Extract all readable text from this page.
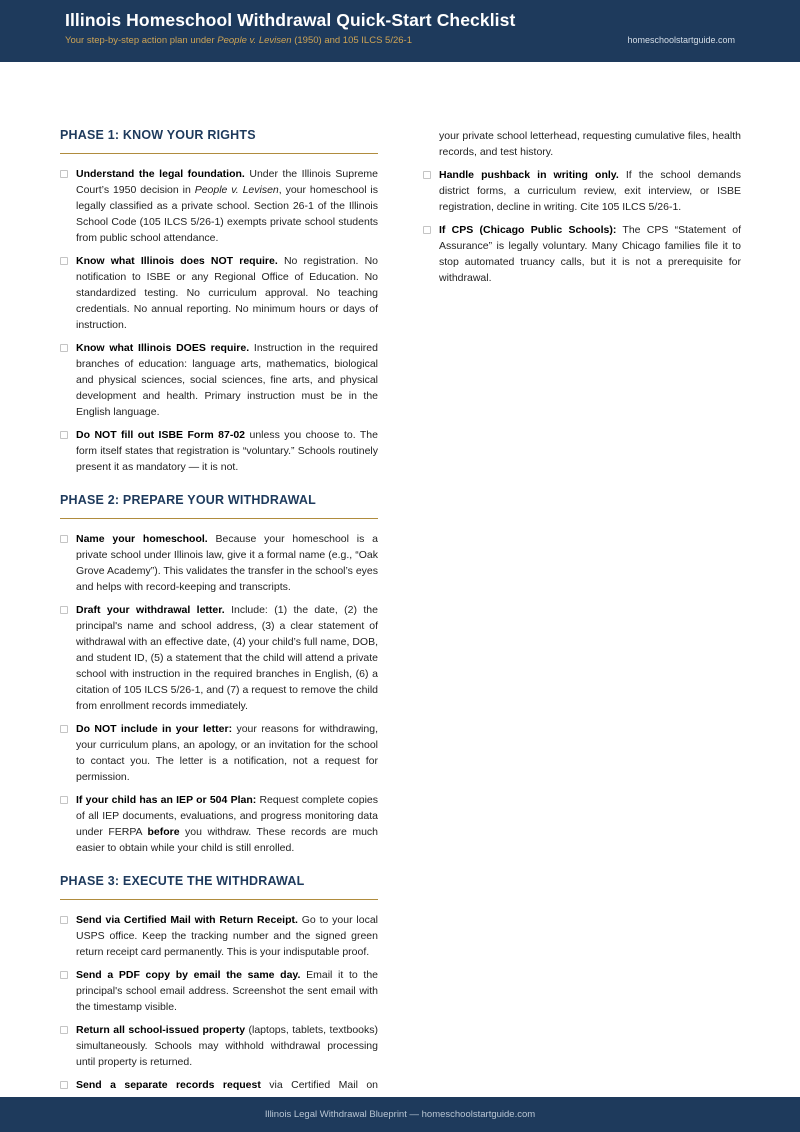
Illinois Homeschool Withdrawal Quick-Start Checklist
Your step-by-step action plan under People v. Levisen (1950) and 105 ILCS 5/26-1	homeschoolstartguide.com
PHASE 1: KNOW YOUR RIGHTS
Understand the legal foundation. Under the Illinois Supreme Court’s 1950 decision in People v. Levisen, your homeschool is legally classified as a private school. Section 26-1 of the Illinois School Code (105 ILCS 5/26-1) exempts private school students from public school attendance.
Know what Illinois does NOT require. No registration. No notification to ISBE or any Regional Office of Education. No standardized testing. No curriculum approval. No teaching credentials. No annual reporting. No minimum hours or days of instruction.
Know what Illinois DOES require. Instruction in the required branches of education: language arts, mathematics, biological and physical sciences, social sciences, fine arts, and physical development and health. Primary instruction must be in the English language.
Do NOT fill out ISBE Form 87-02 unless you choose to. The form itself states that registration is “voluntary.” Schools routinely present it as mandatory — it is not.
PHASE 2: PREPARE YOUR WITHDRAWAL
Name your homeschool. Because your homeschool is a private school under Illinois law, give it a formal name (e.g., “Oak Grove Academy”). This validates the transfer in the school’s eyes and helps with record-keeping and transcripts.
Draft your withdrawal letter. Include: (1) the date, (2) the principal's name and school address, (3) a clear statement of withdrawal with an effective date, (4) your child’s full name, DOB, and student ID, (5) a statement that the child will attend a private school with instruction in the required branches in English, (6) a citation of 105 ILCS 5/26-1, and (7) a request to remove the child from enrollment records immediately.
Do NOT include in your letter: your reasons for withdrawing, your curriculum plans, an apology, or an invitation for the school to contact you. The letter is a notification, not a request for permission.
If your child has an IEP or 504 Plan: Request complete copies of all IEP documents, evaluations, and progress monitoring data under FERPA before you withdraw. These records are much easier to obtain while your child is still enrolled.
PHASE 3: EXECUTE THE WITHDRAWAL
Send via Certified Mail with Return Receipt. Go to your local USPS office. Keep the tracking number and the signed green return receipt card permanently. This is your indisputable proof.
Send a PDF copy by email the same day. Email it to the principal's school email address. Screenshot the sent email with the timestamp visible.
Return all school-issued property (laptops, tablets, textbooks) simultaneously. Schools may withhold withdrawal processing until property is returned.
Send a separate records request via Certified Mail on
your private school letterhead, requesting cumulative files, health records, and test history.
Handle pushback in writing only. If the school demands district forms, a curriculum review, exit interview, or ISBE registration, decline in writing. Cite 105 ILCS 5/26-1.
If CPS (Chicago Public Schools): The CPS “Statement of Assurance” is legally voluntary. Many Chicago families file it to stop automated truancy calls, but it is not a prerequisite for withdrawal.
Illinois Legal Withdrawal Blueprint — homeschoolstartguide.com
